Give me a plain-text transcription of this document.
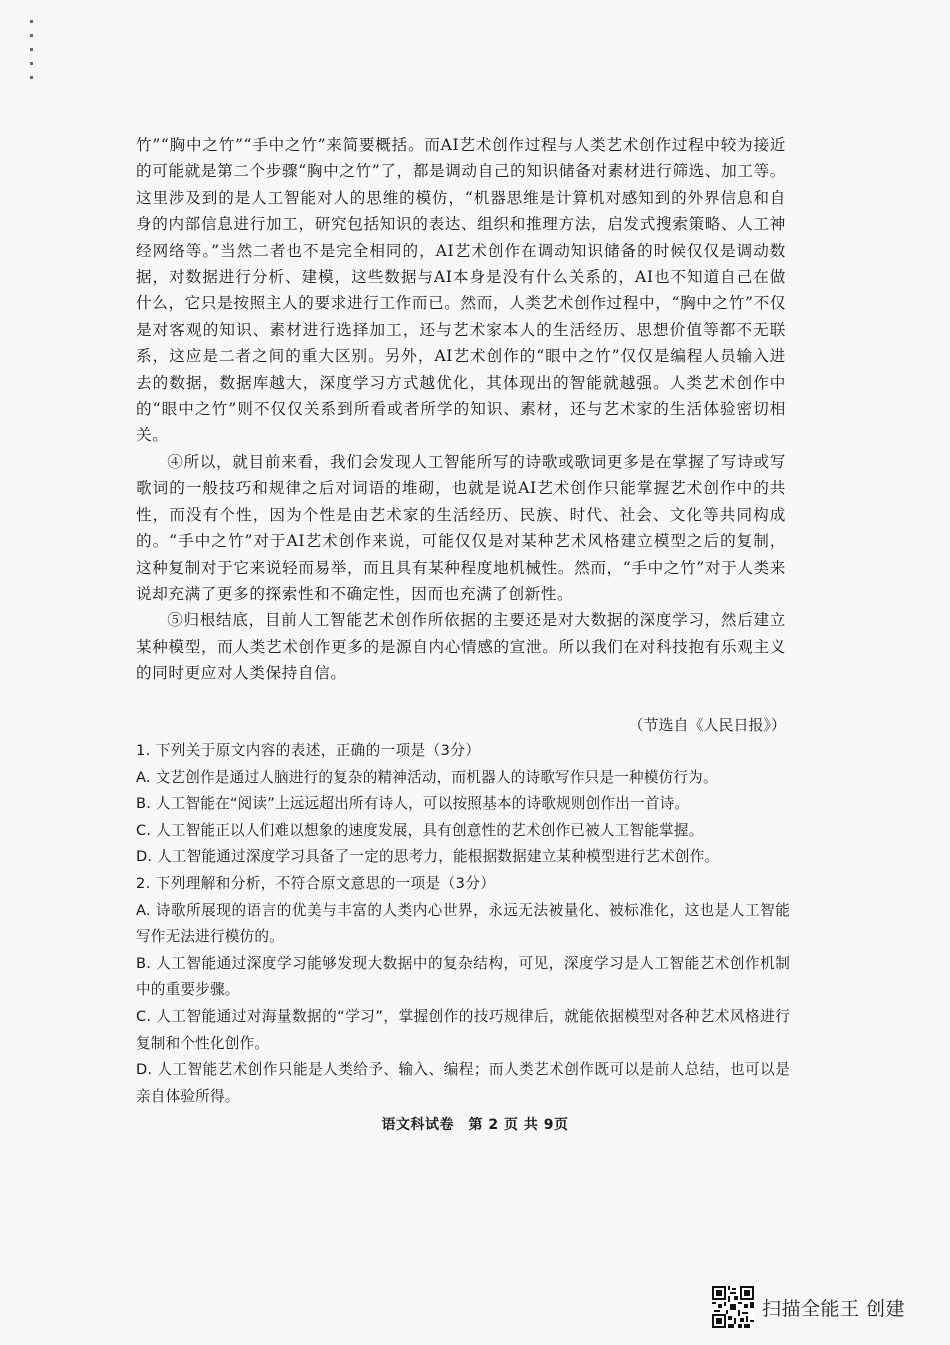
竹”“胸中之竹”“手中之竹”来简要概括。而AI艺术创作过程与人类艺术创作过程中较为接近的可能就是第二个步骤“胸中之竹”了，都是调动自己的知识储备对素材进行筛选、加工等。这里涉及到的是人工智能对人的思维的模仿，“机器思维是计算机对感知到的外界信息和自身的内部信息进行加工，研究包括知识的表达、组织和推理方法，启发式搜索策略、人工神经网络等。”当然二者也不是完全相同的，AI艺术创作在调动知识储备的时候仅仅是调动数据，对数据进行分析、建模，这些数据与AI本身是没有什么关系的，AI也不知道自己在做什么，它只是按照主人的要求进行工作而已。然而，人类艺术创作过程中，“胸中之竹”不仅是对客观的知识、素材进行选择加工，还与艺术家本人的生活经历、思想价值等都不无联系，这应是二者之间的重大区别。另外，AI艺术创作的“眼中之竹”仅仅是编程人员输入进去的数据，数据库越大，深度学习方式越优化，其体现出的智能就越强。人类艺术创作中的“眼中之竹”则不仅仅关系到所看或者所学的知识、素材，还与艺术家的生活体验密切相关。

④所以，就目前来看，我们会发现人工智能所写的诗歌或歌词更多是在掌握了写诗或写歌词的一般技巧和规律之后对词语的堆砌，也就是说AI艺术创作只能掌握艺术创作中的共性，而没有个性，因为个性是由艺术家的生活经历、民族、时代、社会、文化等共同构成的。“手中之竹”对于AI艺术创作来说，可能仅仅是对某种艺术风格建立模型之后的复制，这种复制对于它来说轻而易举，而且具有某种程度地机械性。然而，“手中之竹”对于人类来说却充满了更多的探索性和不确定性，因而也充满了创新性。

⑤归根结底，目前人工智能艺术创作所依据的主要还是对大数据的深度学习，然后建立某种模型，而人类艺术创作更多的是源自内心情感的宣泄。所以我们在对科技抱有乐观主义的同时更应对人类保持自信。

（节选自《人民日报》）

1. 下列关于原文内容的表述，正确的一项是（3分）

A. 文艺创作是通过人脑进行的复杂的精神活动，而机器人的诗歌写作只是一种模仿行为。

B. 人工智能在“阅读”上远远超出所有诗人，可以按照基本的诗歌规则创作出一首诗。

C. 人工智能正以人们难以想象的速度发展，具有创意性的艺术创作已被人工智能掌握。

D. 人工智能通过深度学习具备了一定的思考力，能根据数据建立某种模型进行艺术创作。

2. 下列理解和分析，不符合原文意思的一项是（3分）

A. 诗歌所展现的语言的优美与丰富的人类内心世界，永远无法被量化、被标准化，这也是人工智能写作无法进行模仿的。

B. 人工智能通过深度学习能够发现大数据中的复杂结构，可见，深度学习是人工智能艺术创作机制中的重要步骤。

C. 人工智能通过对海量数据的“学习”，掌握创作的技巧规律后，就能依据模型对各种艺术风格进行复制和个性化创作。

D. 人工智能艺术创作只能是人类给予、输入、编程；而人类艺术创作既可以是前人总结，也可以是亲自体验所得。

语文科试卷　第 2 页 共 9页
扫描全能王 创建
